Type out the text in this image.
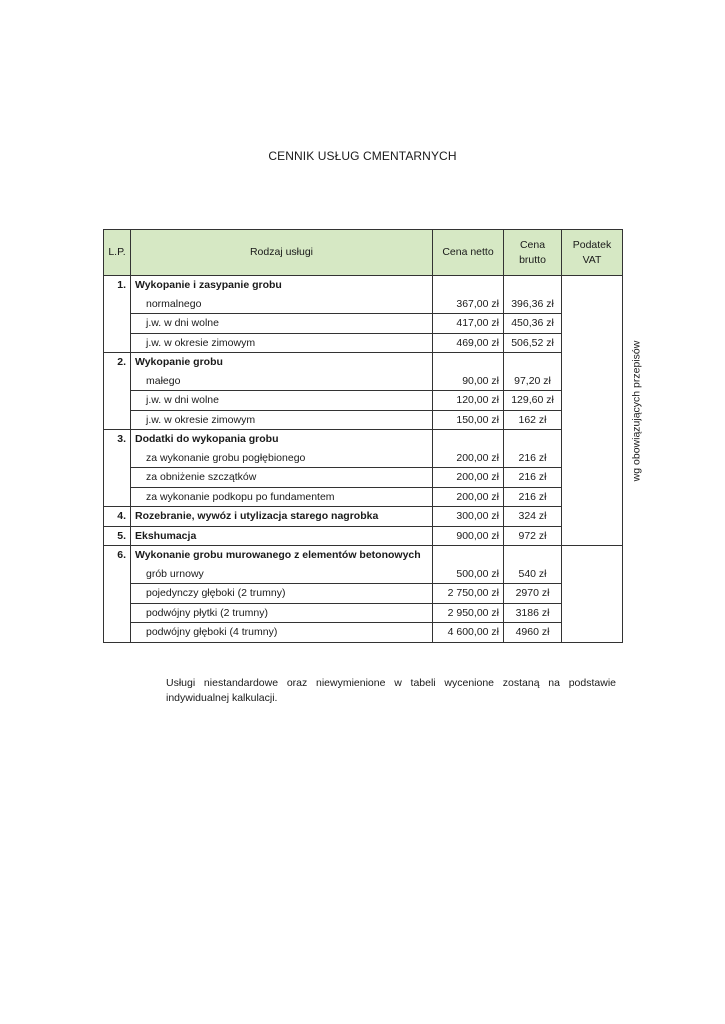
CENNIK USŁUG CMENTARNYCH
L.P.	Rodzaj usługi	Cena netto	Cena brutto	Podatek VAT
1.	Wykopanie i zasypanie grobu			wg obowiązujących przepisów
	normalnego	367,00 zł	396,36 zł	
	j.w. w dni wolne	417,00 zł	450,36 zł	
	j.w. w okresie zimowym	469,00 zł	506,52 zł	
2.	Wykopanie grobu			
	małego	90,00 zł	97,20 zł	
	j.w. w dni wolne	120,00 zł	129,60 zł	
	j.w. w okresie zimowym	150,00 zł	162 zł	
3.	Dodatki do wykopania grobu			
	za wykonanie grobu pogłębionego	200,00 zł	216 zł	
	za obniżenie szczątków	200,00 zł	216 zł	
	za wykonanie podkopu po fundamentem	200,00 zł	216 zł	
4.	Rozebranie, wywóz i utylizacja starego nagrobka	300,00 zł	324 zł	
5.	Ekshumacja	900,00 zł	972 zł	
6.	Wykonanie grobu murowanego z elementów betonowych			
	grób urnowy	500,00 zł	540 zł	
	pojedynczy głęboki (2 trumny)	2 750,00 zł	2970 zł	
	podwójny płytki (2 trumny)	2 950,00 zł	3186 zł	
	podwójny głęboki (4 trumny)	4 600,00 zł	4960 zł	
Usługi niestandardowe oraz niewymienione w tabeli wycenione zostaną na podstawie indywidualnej kalkulacji.
